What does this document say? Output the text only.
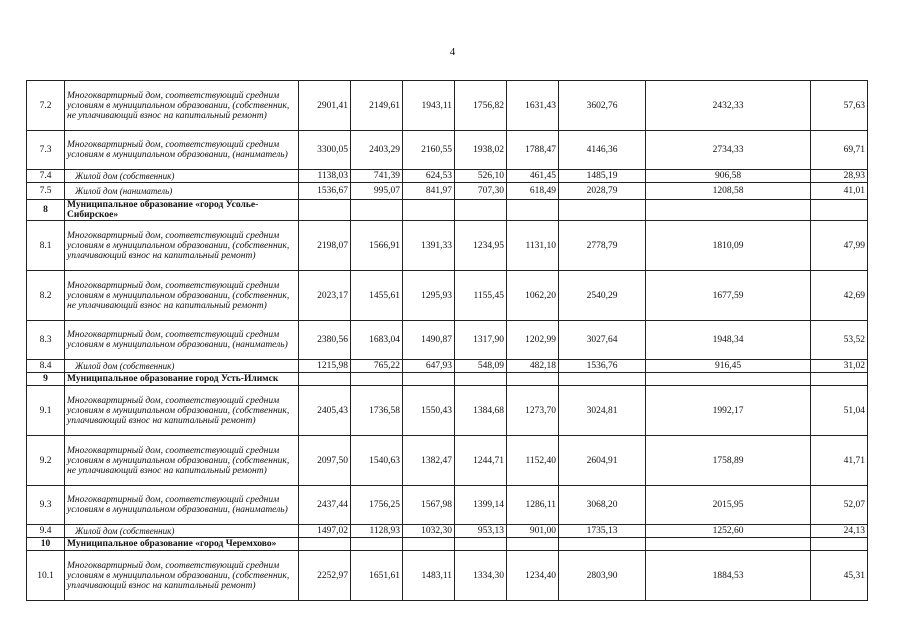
4
7.2	Многоквартирный дом, соответствующий средним условиям в муниципальном образовании, (собственник, не уплачивающий взнос на капитальный ремонт)	2901,41	2149,61	1943,11	1756,82	1631,43	3602,76	2432,33	57,63
7.3	Многоквартирный дом, соответствующий средним условиям в муниципальном образовании, (наниматель)	3300,05	2403,29	2160,55	1938,02	1788,47	4146,36	2734,33	69,71
7.4	Жилой дом (собственник)	1138,03	741,39	624,53	526,10	461,45	1485,19	906,58	28,93
7.5	Жилой дом (наниматель)	1536,67	995,07	841,97	707,30	618,49	2028,79	1208,58	41,01
8	Муниципальное образование «город Усолье-Сибирское»								
8.1	Многоквартирный дом, соответствующий средним условиям в муниципальном образовании, (собственник, уплачивающий взнос на капитальный ремонт)	2198,07	1566,91	1391,33	1234,95	1131,10	2778,79	1810,09	47,99
8.2	Многоквартирный дом, соответствующий средним условиям в муниципальном образовании, (собственник, не уплачивающий взнос на капитальный ремонт)	2023,17	1455,61	1295,93	1155,45	1062,20	2540,29	1677,59	42,69
8.3	Многоквартирный дом, соответствующий средним условиям в муниципальном образовании, (наниматель)	2380,56	1683,04	1490,87	1317,90	1202,99	3027,64	1948,34	53,52
8.4	Жилой дом (собственник)	1215,98	765,22	647,93	548,09	482,18	1536,76	916,45	31,02
9	Муниципальное образование город Усть-Илимск								
9.1	Многоквартирный дом, соответствующий средним условиям в муниципальном образовании, (собственник, уплачивающий взнос на капитальный ремонт)	2405,43	1736,58	1550,43	1384,68	1273,70	3024,81	1992,17	51,04
9.2	Многоквартирный дом, соответствующий средним условиям в муниципальном образовании, (собственник, не уплачивающий взнос на капитальный ремонт)	2097,50	1540,63	1382,47	1244,71	1152,40	2604,91	1758,89	41,71
9.3	Многоквартирный дом, соответствующий средним условиям в муниципальном образовании, (наниматель)	2437,44	1756,25	1567,98	1399,14	1286,11	3068,20	2015,95	52,07
9.4	Жилой дом (собственник)	1497,02	1128,93	1032,30	953,13	901,00	1735,13	1252,60	24,13
10	Муниципальное образование «город Черемхово»								
10.1	Многоквартирный дом, соответствующий средним условиям в муниципальном образовании, (собственник, уплачивающий взнос на капитальный ремонт)	2252,97	1651,61	1483,11	1334,30	1234,40	2803,90	1884,53	45,31
